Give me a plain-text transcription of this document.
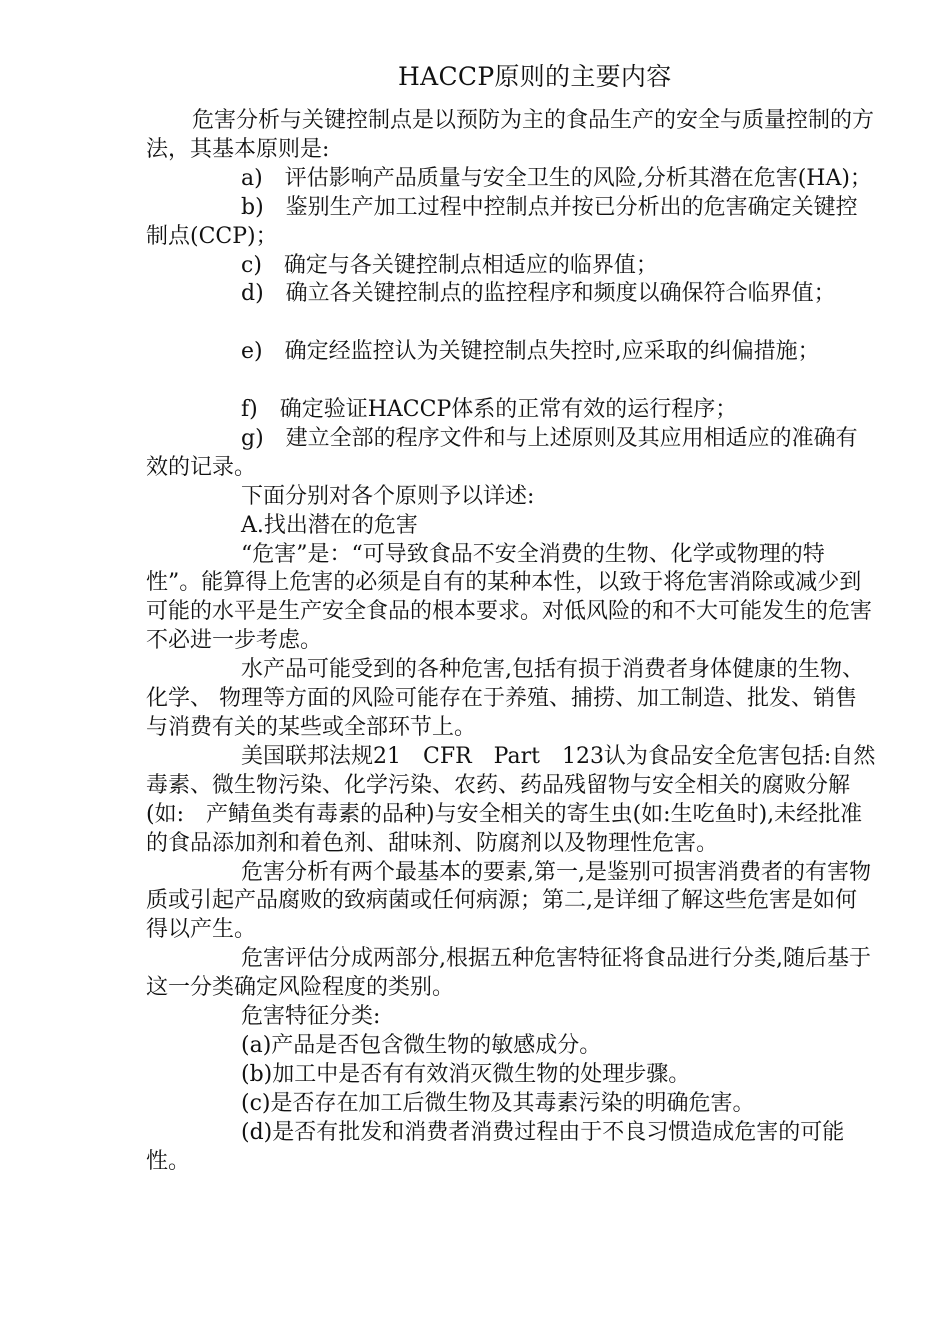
HACCP原则的主要内容

危害分析与关键控制点是以预防为主的食品生产的安全与质量控制的方法，其基本原则是:

a)　评估影响产品质量与安全卫生的风险,分析其潜在危害(HA)；

b)　鉴别生产加工过程中控制点并按已分析出的危害确定关键控制点(CCP)；

c)　确定与各关键控制点相适应的临界值；

d)　确立各关键控制点的监控程序和频度以确保符合临界值；

e)　确定经监控认为关键控制点失控时,应采取的纠偏措施；

f)　确定验证HACCP体系的正常有效的运行程序；

g)　建立全部的程序文件和与上述原则及其应用相适应的准确有效的记录。

下面分别对各个原则予以详述:

A.找出潜在的危害

“危害”是：“可导致食品不安全消费的生物、化学或物理的特性”。能算得上危害的必须是自有的某种本性，以致于将危害消除或减少到可能的水平是生产安全食品的根本要求。对低风险的和不大可能发生的危害不必进一步考虑。

水产品可能受到的各种危害,包括有损于消费者身体健康的生物、化学、 物理等方面的风险可能存在于养殖、捕捞、加工制造、批发、销售与消费有关的某些或全部环节上。

美国联邦法规21　CFR　Part　123认为食品安全危害包括:自然毒素、微生物污染、化学污染、农药、药品残留物与安全相关的腐败分解(如:　产鲭鱼类有毒素的品种)与安全相关的寄生虫(如:生吃鱼时),未经批准的食品添加剂和着色剂、甜味剂、防腐剂以及物理性危害。

危害分析有两个最基本的要素,第一,是鉴别可损害消费者的有害物质或引起产品腐败的致病菌或任何病源；第二,是详细了解这些危害是如何得以产生。

危害评估分成两部分,根据五种危害特征将食品进行分类,随后基于这一分类确定风险程度的类别。

危害特征分类:

(a)产品是否包含微生物的敏感成分。

(b)加工中是否有有效消灭微生物的处理步骤。

(c)是否存在加工后微生物及其毒素污染的明确危害。

(d)是否有批发和消费者消费过程由于不良习惯造成危害的可能性。
